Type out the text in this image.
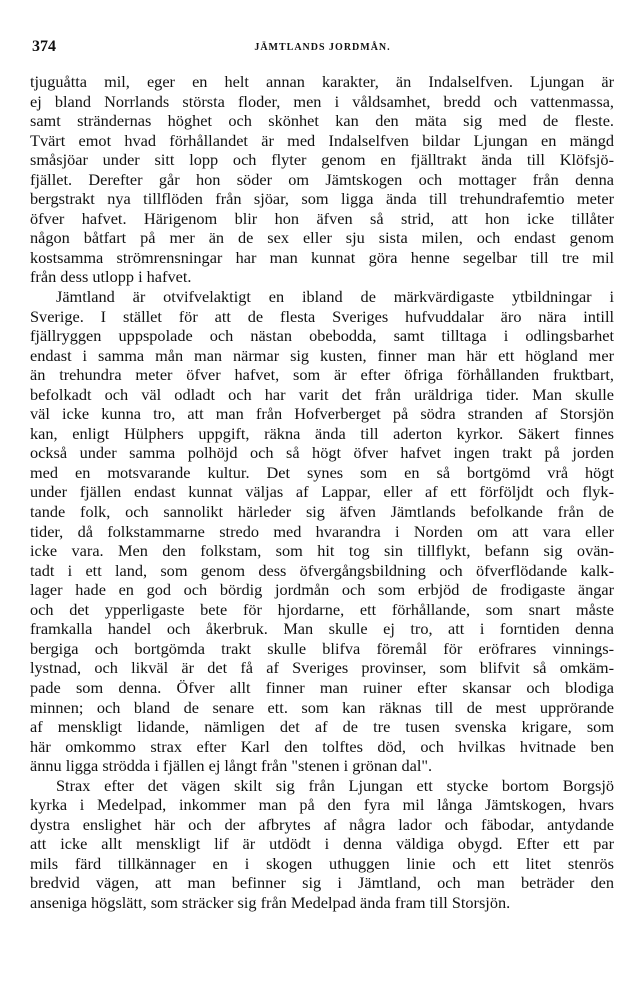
374	JÄMTLANDS JORDMÅN.
tjuguåtta mil, eger en helt annan karakter, än Indalselfven. Ljungan är
ej bland Norrlands största floder, men i våldsamhet, bredd och vattenmassa,
samt strändernas höghet och skönhet kan den mäta sig med de fleste.
Tvärt emot hvad förhållandet är med Indalselfven bildar Ljungan en mängd
småsjöar under sitt lopp och flyter genom en fjälltrakt ända till Klöfsjö-
fjället. Derefter går hon söder om Jämtskogen och mottager från denna
bergstrakt nya tillflöden från sjöar, som ligga ända till trehundrafemtio meter
öfver hafvet. Härigenom blir hon äfven så strid, att hon icke tillåter
någon båtfart på mer än de sex eller sju sista milen, och endast genom
kostsamma strömrensningar har man kunnat göra henne segelbar till tre mil
från dess utlopp i hafvet.
Jämtland är otvifvelaktigt en ibland de märkvärdigaste ytbildningar i
Sverige. I stället för att de flesta Sveriges hufvuddalar äro nära intill
fjällryggen uppspolade och nästan obebodda, samt tilltaga i odlingsbarhet
endast i samma mån man närmar sig kusten, finner man här ett högland mer
än trehundra meter öfver hafvet, som är efter öfriga förhållanden fruktbart,
befolkadt och väl odladt och har varit det från uräldriga tider. Man skulle
väl icke kunna tro, att man från Hofverberget på södra stranden af Storsjön
kan, enligt Hülphers uppgift, räkna ända till aderton kyrkor. Säkert finnes
också under samma polhöjd och så högt öfver hafvet ingen trakt på jorden
med en motsvarande kultur. Det synes som en så bortgömd vrå högt
under fjällen endast kunnat väljas af Lappar, eller af ett förföljdt och flyk-
tande folk, och sannolikt härleder sig äfven Jämtlands befolkande från de
tider, då folkstammarne stredo med hvarandra i Norden om att vara eller
icke vara. Men den folkstam, som hit tog sin tillflykt, befann sig ovän-
tadt i ett land, som genom dess öfvergångsbildning och öfverflödande kalk-
lager hade en god och bördig jordmån och som erbjöd de frodigaste ängar
och det ypperligaste bete för hjordarne, ett förhållande, som snart måste
framkalla handel och åkerbruk. Man skulle ej tro, att i forntiden denna
bergiga och bortgömda trakt skulle blifva föremål för eröfrares vinnings-
lystnad, och likväl är det få af Sveriges provinser, som blifvit så omkäm-
pade som denna. Öfver allt finner man ruiner efter skansar och blodiga
minnen; och bland de senare ett. som kan räknas till de mest upprörande
af menskligt lidande, nämligen det af de tre tusen svenska krigare, som
här omkommo strax efter Karl den tolftes död, och hvilkas hvitnade ben
ännu ligga strödda i fjällen ej långt från "stenen i grönan dal".
Strax efter det vägen skilt sig från Ljungan ett stycke bortom Borgsjö
kyrka i Medelpad, inkommer man på den fyra mil långa Jämtskogen, hvars
dystra enslighet här och der afbrytes af några lador och fäbodar, antydande
att icke allt menskligt lif är utdödt i denna väldiga obygd. Efter ett par
mils färd tillkännager en i skogen uthuggen linie och ett litet stenrös
bredvid vägen, att man befinner sig i Jämtland, och man beträder den
anseniga högslätt, som sträcker sig från Medelpad ända fram till Storsjön.
